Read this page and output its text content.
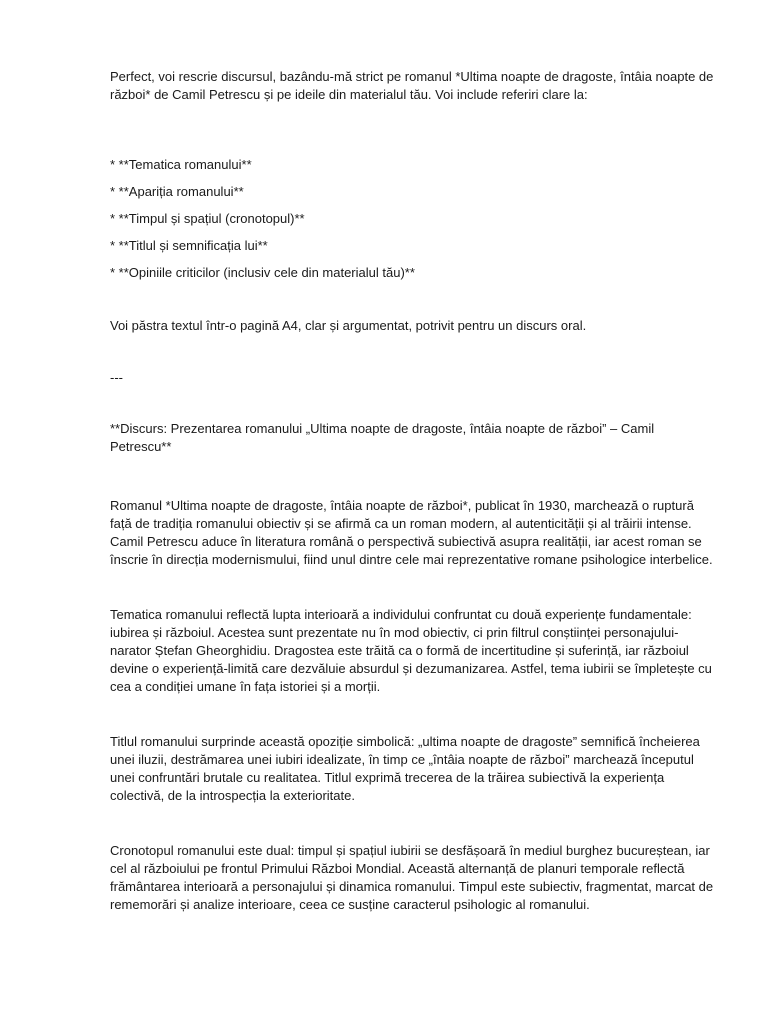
Perfect, voi rescrie discursul, bazându-mă strict pe romanul *Ultima noapte de dragoste, întâia noapte de război* de Camil Petrescu și pe ideile din materialul tău. Voi include referiri clare la:

* **Tematica romanului**
* **Apariția romanului**
* **Timpul și spațiul (cronotopul)**
* **Titlul și semnificația lui**
* **Opiniile criticilor (inclusiv cele din materialul tău)**

Voi păstra textul într-o pagină A4, clar și argumentat, potrivit pentru un discurs oral.

---

**Discurs: Prezentarea romanului „Ultima noapte de dragoste, întâia noapte de război” – Camil Petrescu**

Romanul *Ultima noapte de dragoste, întâia noapte de război*, publicat în 1930, marchează o ruptură față de tradiția romanului obiectiv și se afirmă ca un roman modern, al autenticității și al trăirii intense. Camil Petrescu aduce în literatura română o perspectivă subiectivă asupra realității, iar acest roman se înscrie în direcția modernismului, fiind unul dintre cele mai reprezentative romane psihologice interbelice.

Tematica romanului reflectă lupta interioară a individului confruntat cu două experiențe fundamentale: iubirea și războiul. Acestea sunt prezentate nu în mod obiectiv, ci prin filtrul conștiinței personajului-narator Ștefan Gheorghidiu. Dragostea este trăită ca o formă de incertitudine și suferință, iar războiul devine o experiență-limită care dezvăluie absurdul și dezumanizarea. Astfel, tema iubirii se împletește cu cea a condiției umane în fața istoriei și a morții.

Titlul romanului surprinde această opoziție simbolică: „ultima noapte de dragoste” semnifică încheierea unei iluzii, destrămarea unei iubiri idealizate, în timp ce „întâia noapte de război” marchează începutul unei confruntări brutale cu realitatea. Titlul exprimă trecerea de la trăirea subiectivă la experiența colectivă, de la introspecția la exterioritate.

Cronotopul romanului este dual: timpul și spațiul iubirii se desfășoară în mediul burghez bucureștean, iar cel al războiului pe frontul Primului Război Mondial. Această alternanță de planuri temporale reflectă frământarea interioară a personajului și dinamica romanului. Timpul este subiectiv, fragmentat, marcat de rememorări și analize interioare, ceea ce susține caracterul psihologic al romanului.
